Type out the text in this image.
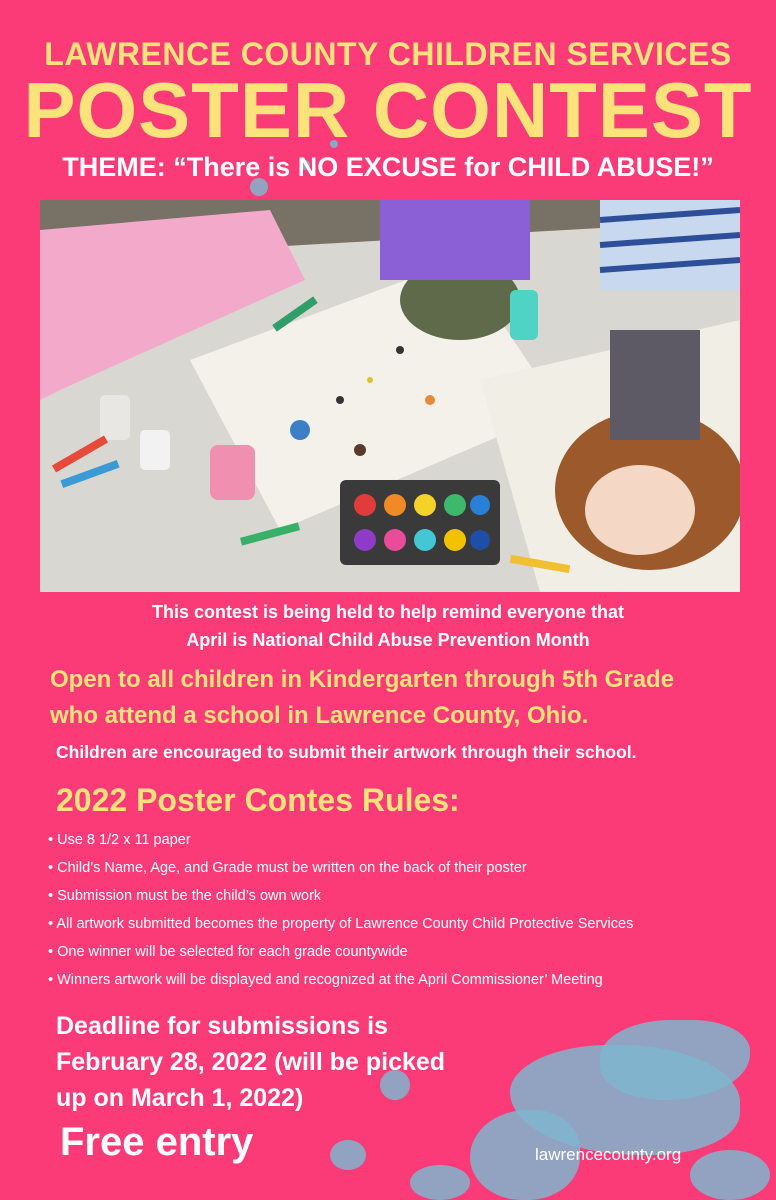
LAWRENCE COUNTY CHILDREN SERVICES
POSTER CONTEST
THEME: “There is NO EXCUSE for CHILD ABUSE!”
This contest is being held to help remind everyone that
April is National Child Abuse Prevention Month
Open to all children in Kindergarten through 5th Grade
who attend a school in Lawrence County, Ohio.
Children are encouraged to submit their artwork through their school.
2022 Poster Contes Rules:
• Use 8 1/2 x 11 paper
• Child’s Name, Age, and Grade must be written on the back of their poster
• Submission must be the child’s own work
• All artwork submitted becomes the property of Lawrence County Child Protective Services
• One winner will be selected for each grade countywide
• Winners artwork will be displayed and recognized at the April Commissioner’ Meeting
Deadline for submissions is February 28, 2022 (will be picked up on March 1, 2022)
Free entry	lawrencecounty.org
